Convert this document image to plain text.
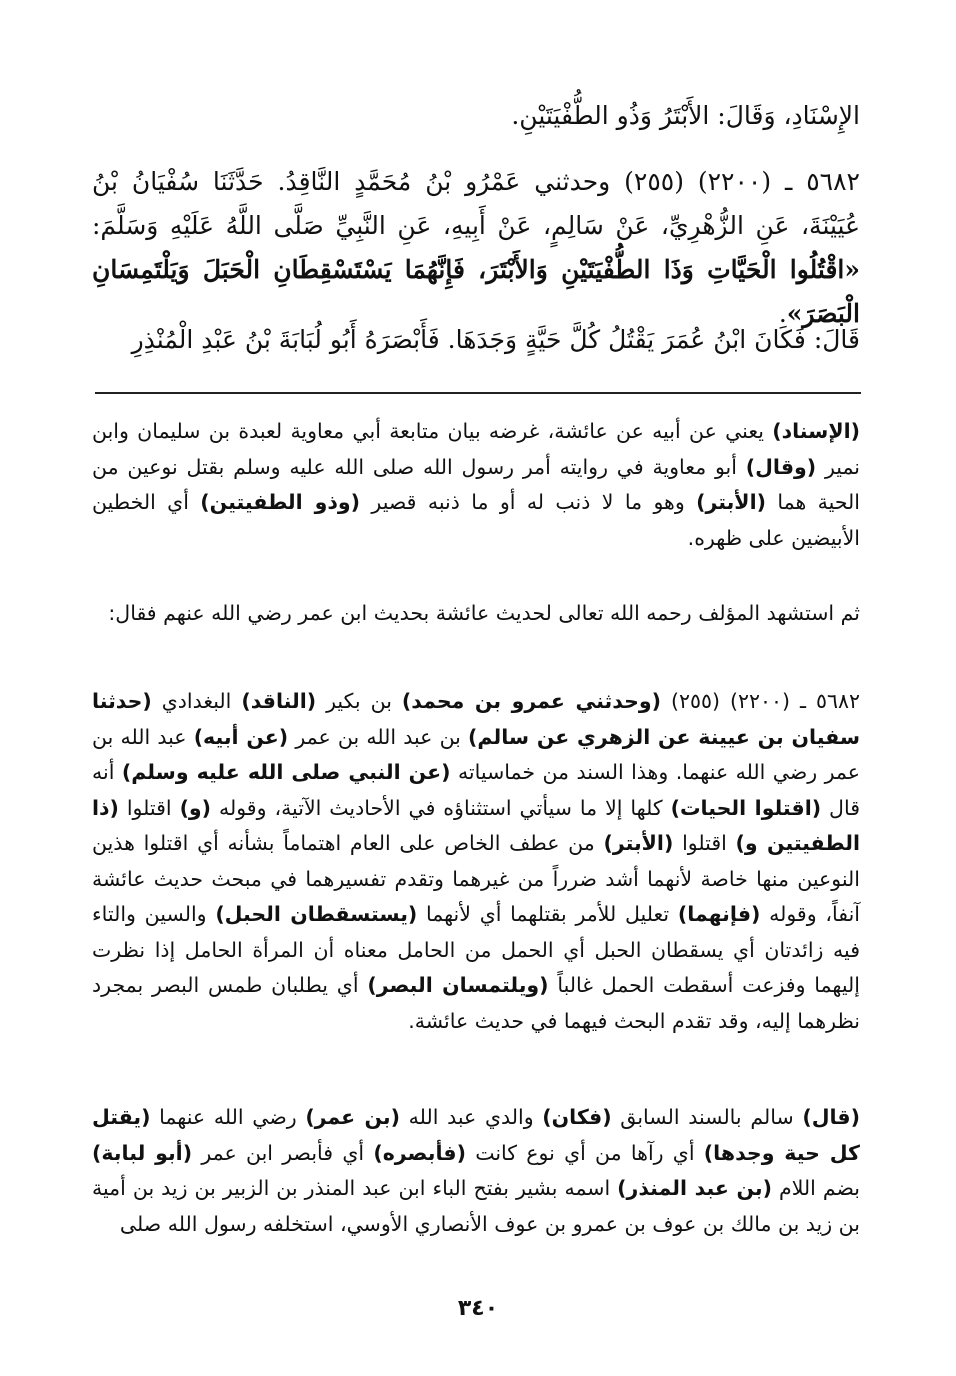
الإِسْنَادِ، وَقَالَ: الأَبْتَرُ وَذُو الطُّفْيَتَيْنِ.

٥٦٨٢ ـ (٢٢٠٠) (٢٥٥) وحدثني عَمْرُو بْنُ مُحَمَّدٍ النَّاقِدُ. حَدَّثَنَا سُفْيَانُ بْنُ عُيَيْنَةَ، عَنِ الزُّهْرِيِّ، عَنْ سَالِمٍ، عَنْ أَبِيهِ، عَنِ النَّبِيِّ صَلَّى اللَّهُ عَلَيْهِ وَسَلَّمَ: «اقْتُلُوا الْحَيَّاتِ وَذَا الطُّفْيَتَيْنِ وَالأَبْتَرَ، فَإِنَّهُمَا يَسْتَسْقِطَانِ الْحَبَلَ وَيَلْتَمِسَانِ الْبَصَرَ».

قَالَ: فَكَانَ ابْنُ عُمَرَ يَقْتُلُ كُلَّ حَيَّةٍ وَجَدَهَا. فَأَبْصَرَهُ أَبُو لُبَابَةَ بْنُ عَبْدِ الْمُنْذِرِ

(الإسناد) يعني عن أبيه عن عائشة، غرضه بيان متابعة أبي معاوية لعبدة بن سليمان وابن نمير (وقال) أبو معاوية في روايته أمر رسول الله صلى الله عليه وسلم بقتل نوعين من الحية هما (الأبتر) وهو ما لا ذنب له أو ما ذنبه قصير (وذو الطفيتين) أي الخطين الأبيضين على ظهره.

ثم استشهد المؤلف رحمه الله تعالى لحديث عائشة بحديث ابن عمر رضي الله عنهم فقال:

٥٦٨٢ ـ (٢٢٠٠) (٢٥٥) (وحدثني عمرو بن محمد) بن بكير (الناقد) البغدادي (حدثنا سفيان بن عيينة عن الزهري عن سالم) بن عبد الله بن عمر (عن أبيه) عبد الله بن عمر رضي الله عنهما. وهذا السند من خماسياته (عن النبي صلى الله عليه وسلم) أنه قال (اقتلوا الحيات) كلها إلا ما سيأتي استثناؤه في الأحاديث الآتية، وقوله (و) اقتلوا (ذا الطفيتين و) اقتلوا (الأبتر) من عطف الخاص على العام اهتماماً بشأنه أي اقتلوا هذين النوعين منها خاصة لأنهما أشد ضرراً من غيرهما وتقدم تفسيرهما في مبحث حديث عائشة آنفاً، وقوله (فإنهما) تعليل للأمر بقتلهما أي لأنهما (يستسقطان الحبل) والسين والتاء فيه زائدتان أي يسقطان الحبل أي الحمل من الحامل معناه أن المرأة الحامل إذا نظرت إليهما وفزعت أسقطت الحمل غالباً (ويلتمسان البصر) أي يطلبان طمس البصر بمجرد نظرهما إليه، وقد تقدم البحث فيهما في حديث عائشة.

(قال) سالم بالسند السابق (فكان) والدي عبد الله (بن عمر) رضي الله عنهما (يقتل كل حية وجدها) أي رآها من أي نوع كانت (فأبصره) أي فأبصر ابن عمر (أبو لبابة) بضم اللام (بن عبد المنذر) اسمه بشير بفتح الباء ابن عبد المنذر بن الزبير بن زيد بن أمية بن زيد بن مالك بن عوف بن عمرو بن عوف الأنصاري الأوسي، استخلفه رسول الله صلى

٣٤٠
